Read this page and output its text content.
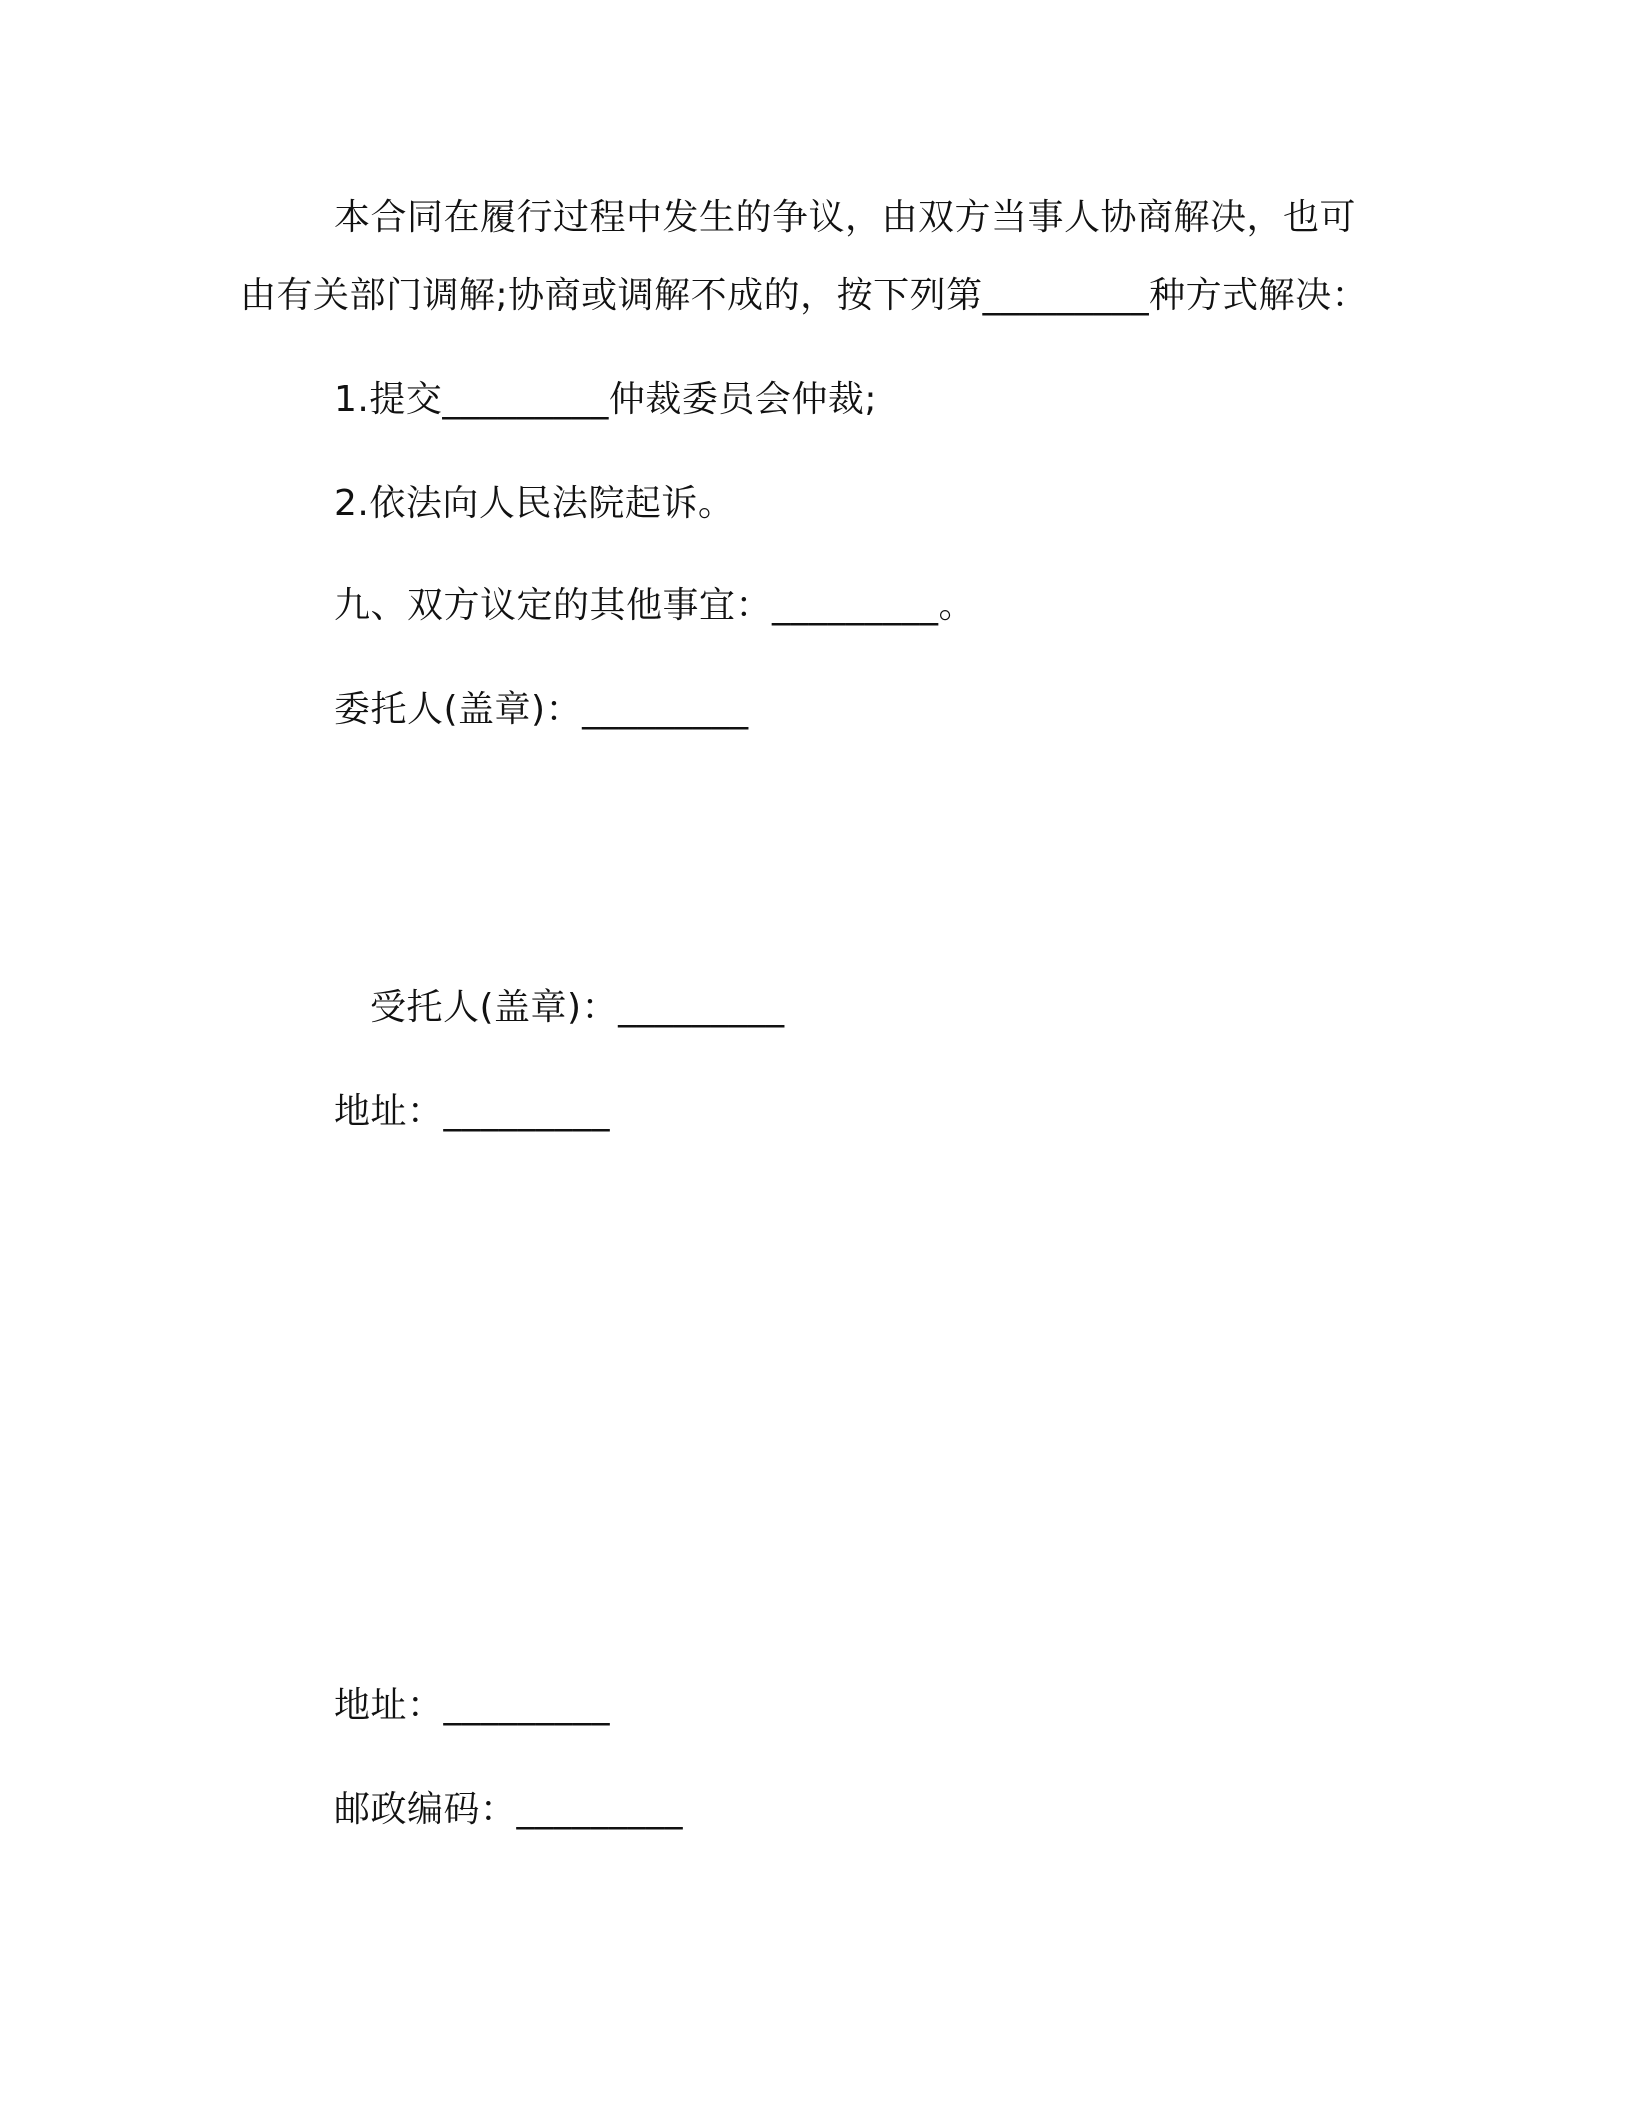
本合同在履行过程中发生的争议，由双方当事人协商解决，也可
由有关部门调解;协商或调解不成的，按下列第_________种方式解决：
1.提交_________仲裁委员会仲裁;
2.依法向人民法院起诉。
九、双方议定的其他事宜：_________。
委托人(盖章)：_________
受托人(盖章)：_________
地址：_________
地址：_________
邮政编码：_________
